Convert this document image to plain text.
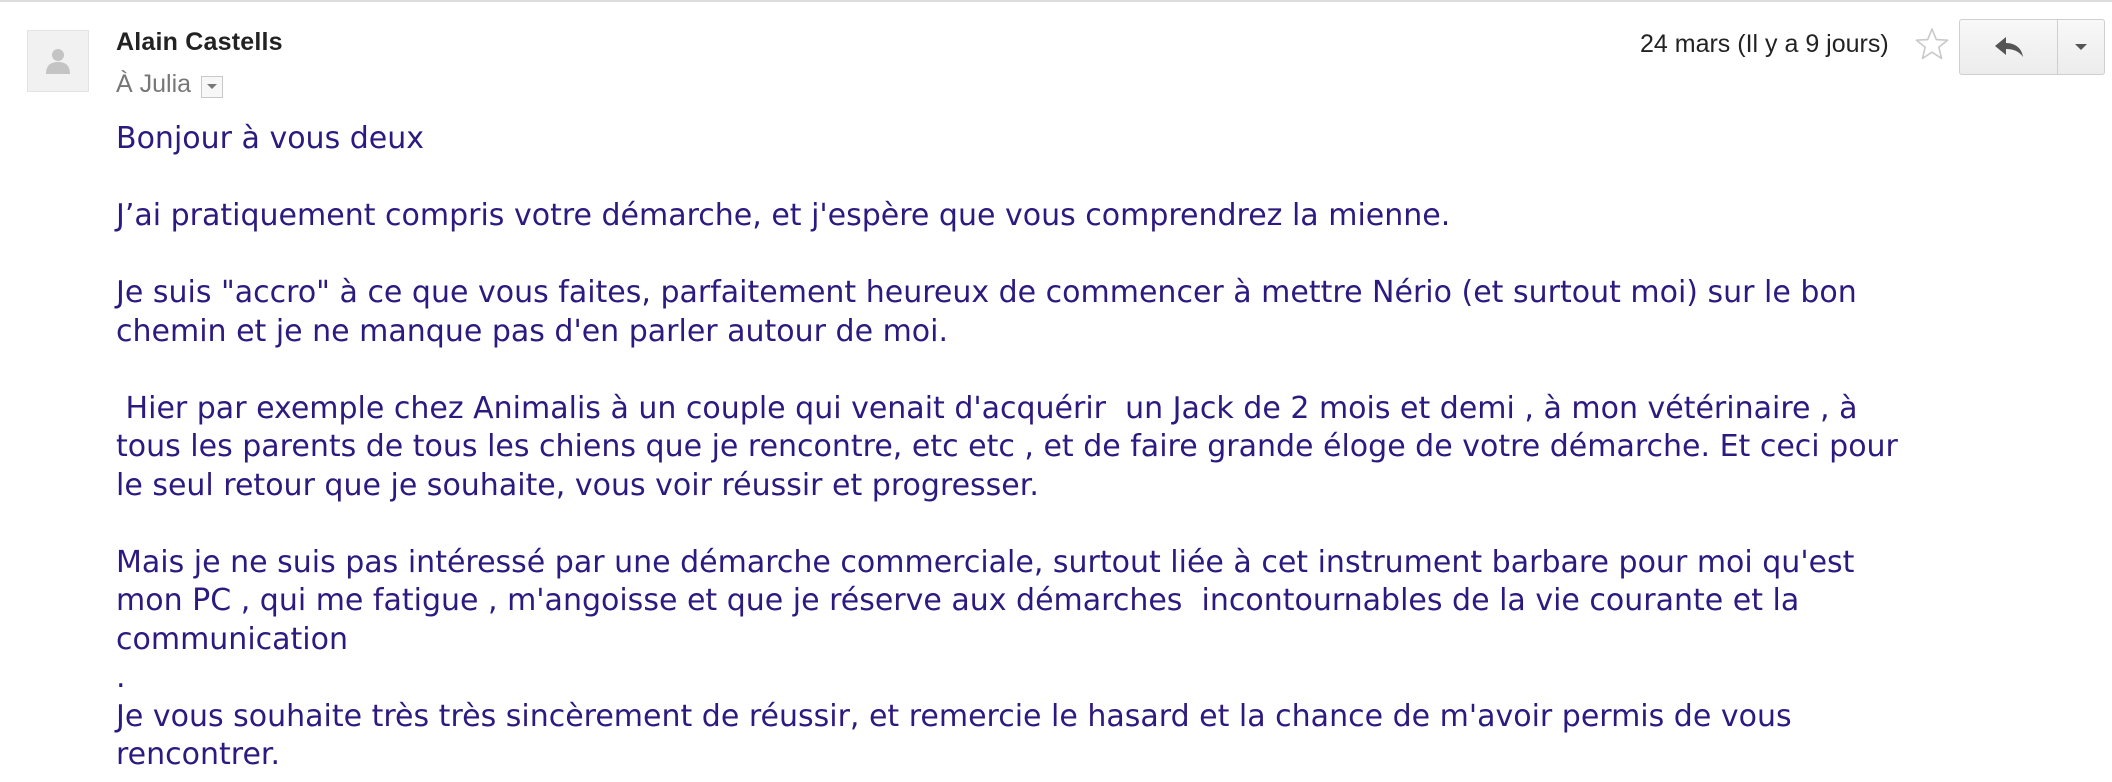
Alain Castells
À Julia
24 mars (Il y a 9 jours)

Bonjour à vous deux

J’ai pratiquement compris votre démarche, et j'espère que vous comprendrez la mienne.

Je suis "accro" à ce que vous faites, parfaitement heureux de commencer à mettre Nério (et surtout moi) sur le bon

chemin et je ne manque pas d'en parler autour de moi.

Hier par exemple chez Animalis à un couple qui venait d'acquérir  un Jack de 2 mois et demi , à mon vétérinaire , à

tous les parents de tous les chiens que je rencontre, etc etc , et de faire grande éloge de votre démarche. Et ceci pour

le seul retour que je souhaite, vous voir réussir et progresser.

Mais je ne suis pas intéressé par une démarche commerciale, surtout liée à cet instrument barbare pour moi qu'est

mon PC , qui me fatigue , m'angoisse et que je réserve aux démarches  incontournables de la vie courante et la

communication

.

Je vous souhaite très très sincèrement de réussir, et remercie le hasard et la chance de m'avoir permis de vous

rencontrer.
